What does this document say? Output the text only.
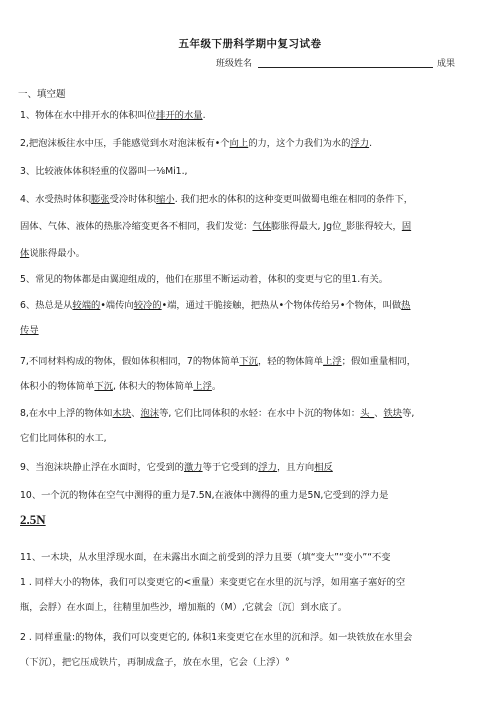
五年级下册科学期中复习试卷
班级姓名	成果
一、填空题
1、物体在水中排开水的体积叫位排开的水量.
2,把泡沫板往水中压，手能感觉到水对泡沫板有•个向上的力，这个力我们为水的浮力.
3、比较液体体积轻重的仪器叫一⅛Mi1.,
4、水受热时体积膨张受冷时体积缩小. 我们把水的体积的这种变更叫做蜀电维在相同的条件下，
固体、气体、液体的热胀冷缩变更各不相同，我们发觉：气体膨胀得最大, Jg位_影胀得较大，固
体说胀得最小。
5、常见的物体都是由翼迎组成的，他们在那里不断运动着，体积的变更与它的里1.有关。
6、热总是从较端的•端传向较冷的•端，通过干脆接触，把热从•个物体传给另•个物体，叫做热
传导
7,不同材料构成的物体，假如体积相同，7的物体简单下沉，轻的物体简单上浮；假如重量相同，
体积小的物体简单下沉, 体积大的物体简单上浮。
8,在水中上浮的物体如木块、泡沫等, 它们比同体积的水轻：在水中卜沉的物体如：头_、铁块等,
它们比同体积的水工,
9、当泡沫块静止浮在水面时，它受到的激力等于它受到的浮力，且方向相反
10、一个沉的物体在空气中测得的重力是7.5N,在液体中测得的重力是5N,它受到的浮力是
2.5N
11、一木块，从水里浮现水面，在未露出水面之前受到的浮力且要（填“变大”“变小”“不变
1 . 同样大小的物体，我们可以变更它的<重量）来变更它在水里的沉与浮，如用塞子塞好的空
瓶，会脬）在水面上，往精里加些沙，增加瓶的（M）,它就会〔沉〕到水底了。
2 . 同样重量:的物体，我们可以变更它的, 体积1来变更它在水里的沉和浮。如一块铁放在水里会
（下沉），把它压成铁片，再制成盒子，放在水里，它会（上浮）°
